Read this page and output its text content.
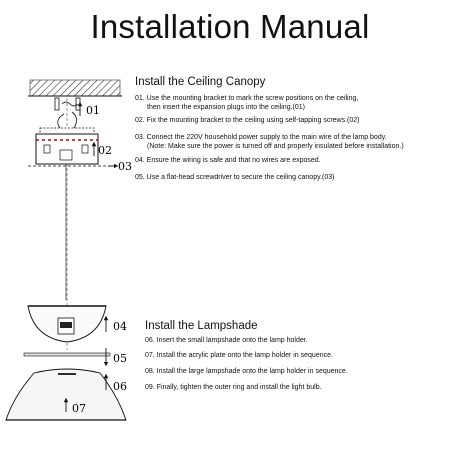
Installation Manual
Install the Ceiling Canopy
01. Use the mounting bracket to mark the screw positions on the ceiling,
then insert the expansion plugs into the ceiling.(01)
02. Fix the mounting bracket to the ceiling using self-tapping screws.(02)
03. Connect the 220V household power supply to the main wire of the lamp body.
(Note: Make sure the power is turned off and properly insulated before installation.)
04. Ensure the wiring is safe and that no wires are exposed.
05. Use a flat-head screwdriver to secure the ceiling canopy.(03)
Install the Lampshade
06. Insert the small lampshade onto the lamp holder.
07. Install the acrylic plate onto the lamp holder in sequence.
08. Install the large lampshade onto the lamp holder in sequence.
09. Finally, tighten the outer ring and install the light bulb.
01
02
03
04
05
06
07
